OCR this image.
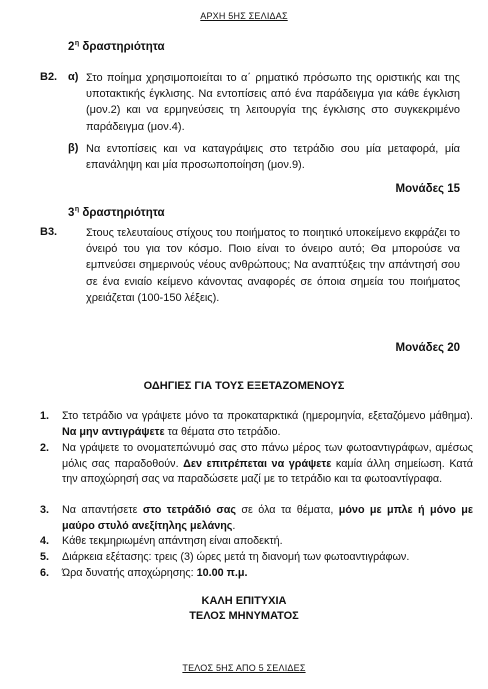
ΑΡΧΗ 5ΗΣ ΣΕΛΙΔΑΣ
$2^\eta$ δραστηριότητα
Β2. α) Στο ποίημα χρησιμοποιείται το α΄ ρηματικό πρόσωπο της οριστικής και της υποτακτικής έγκλισης. Να εντοπίσεις από ένα παράδειγμα για κάθε έγκλιση (μον.2) και να ερμηνεύσεις τη λειτουργία της έγκλισης στο συγκεκριμένο παράδειγμα (μον.4).
β) Να εντοπίσεις και να καταγράψεις στο τετράδιο σου μία μεταφορά, μία επανάληψη και μία προσωποποίηση (μον.9).
Μονάδες 15
$3^\eta$ δραστηριότητα
Β3.	Στους τελευταίους στίχους του ποιήματος το ποιητικό υποκείμενο εκφράζει το όνειρό του για τον κόσμο. Ποιο είναι το όνειρο αυτό; Θα μπορούσε να εμπνεύσει σημερινούς νέους ανθρώπους; Να αναπτύξεις την απάντησή σου σε ένα ενιαίο κείμενο κάνοντας αναφορές σε όποια σημεία του ποιήματος χρειάζεται (100-150 λέξεις).
Μονάδες 20
ΟΔΗΓΙΕΣ ΓΙΑ ΤΟΥΣ ΕΞΕΤΑΖΟΜΕΝΟΥΣ
1. Στο τετράδιο να γράψετε μόνο τα προκαταρκτικά (ημερομηνία, εξεταζόμενο μάθημα). Να μην αντιγράψετε τα θέματα στο τετράδιο.
2. Να γράψετε το ονοματεπώνυμό σας στο πάνω μέρος των φωτοαντιγράφων, αμέσως μόλις σας παραδοθούν. Δεν επιτρέπεται να γράψετε καμία άλλη σημείωση. Κατά την αποχώρησή σας να παραδώσετε μαζί με το τετράδιο και τα φωτοαντίγραφα.
3. Να απαντήσετε στο τετράδιό σας σε όλα τα θέματα, μόνο με μπλε ή μόνο με μαύρο στυλό ανεξίτηλης μελάνης.
4. Κάθε τεκμηριωμένη απάντηση είναι αποδεκτή.
5. Διάρκεια εξέτασης: τρεις (3) ώρες μετά τη διανομή των φωτοαντιγράφων.
6. Ώρα δυνατής αποχώρησης: 10.00 π.μ.
ΚΑΛΗ ΕΠΙΤΥΧΙΑ
ΤΕΛΟΣ ΜΗΝΥΜΑΤΟΣ
ΤΕΛΟΣ 5ΗΣ ΑΠΟ 5 ΣΕΛΙΔΕΣ
